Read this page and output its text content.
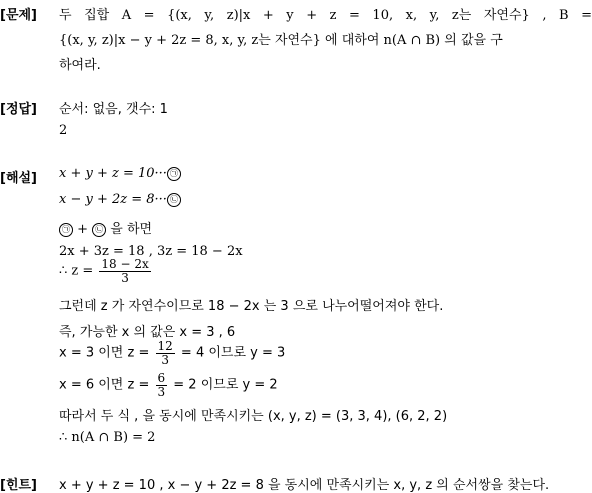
[문제] 두 집합 A = {(x, y, z)|x + y + z = 10, x, y, z는 자연수} , B =
{(x, y, z)|x − y + 2z = 8, x, y, z는 자연수} 에 대하여 n(A ∩ B) 의 값을 구
하여라.
[정답] 순서: 없음, 갯수: 1
2
[해설] x + y + z = 10··· ㉠
x − y + 2z = 8··· ㉡
㉠ + ㉡ 을 하면
2x + 3z = 18 , 3z = 18 − 2x
∴ $z = \frac{18 - 2x}{3}$
그런데 z 가 자연수이므로 18 − 2x 는 3 으로 나누어떨어져야 한다.
즉, 가능한 x 의 값은 x = 3 , 6
x = 3 이면 $z = \frac{12}{3} = 4$ 이므로 y = 3
x = 6 이면 $z = \frac{6}{3} = 2$ 이므로 y = 2
따라서 두 식 , 을 동시에 만족시키는 (x, y, z) = (3, 3, 4), (6, 2, 2)
∴ n(A ∩ B) = 2
[힌트] x + y + z = 10 , x − y + 2z = 8 을 동시에 만족시키는 x, y, z 의 순서쌍을 찾는다.
